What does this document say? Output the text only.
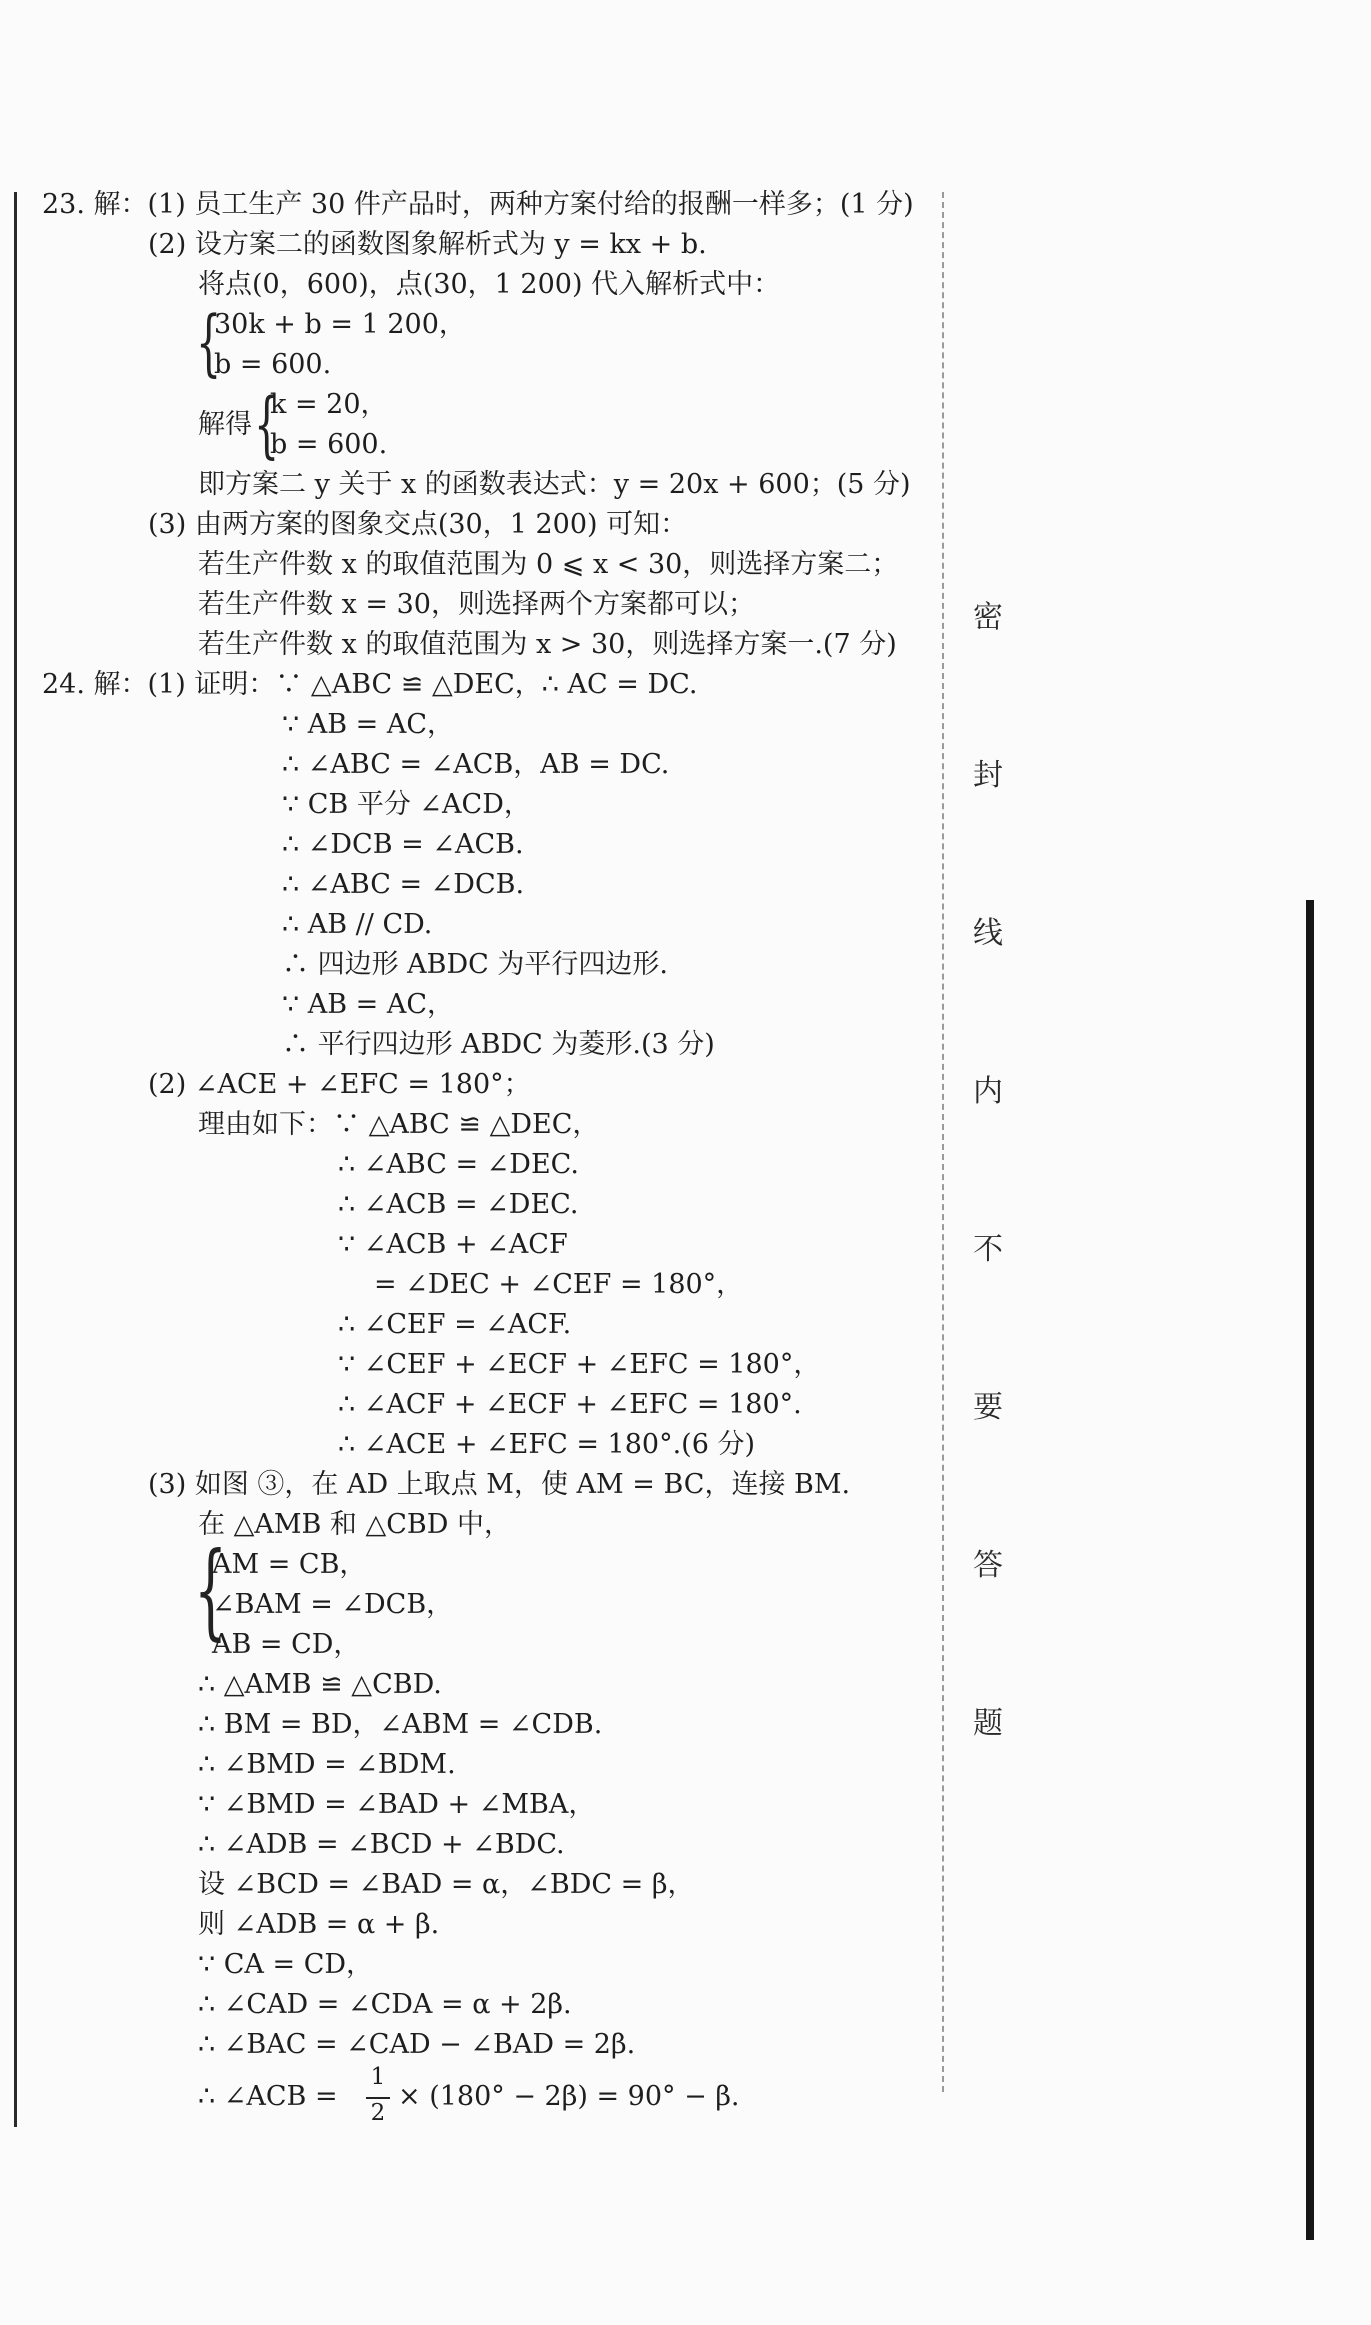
密
封
线
内
不
要
答
题
23. 解：(1) 员工生产 30 件产品时，两种方案付给的报酬一样多；(1 分)
(2) 设方案二的函数图象解析式为 y = kx + b.
将点(0，600)，点(30，1 200) 代入解析式中：
{
30k + b = 1 200，
b = 600.
解得 {
k = 20，
b = 600.
即方案二 y 关于 x 的函数表达式：y = 20x + 600；(5 分)
(3) 由两方案的图象交点(30，1 200) 可知：
若生产件数 x 的取值范围为 0 ⩽ x < 30，则选择方案二；
若生产件数 x = 30，则选择两个方案都可以；
若生产件数 x 的取值范围为 x > 30，则选择方案一.(7 分)
24. 解：(1) 证明：∵ △ABC ≌ △DEC，∴ AC = DC.
∵ AB = AC，
∴ ∠ABC = ∠ACB，AB = DC.
∵ CB 平分 ∠ACD，
∴ ∠DCB = ∠ACB.
∴ ∠ABC = ∠DCB.
∴ AB // CD.
∴ 四边形 ABDC 为平行四边形.
∵ AB = AC，
∴ 平行四边形 ABDC 为菱形.(3 分)
(2) ∠ACE + ∠EFC = 180°；
理由如下：∵ △ABC ≌ △DEC，
∴ ∠ABC = ∠DEC.
∴ ∠ACB = ∠DEC.
∵ ∠ACB + ∠ACF
= ∠DEC + ∠CEF = 180°，
∴ ∠CEF = ∠ACF.
∵ ∠CEF + ∠ECF + ∠EFC = 180°，
∴ ∠ACF + ∠ECF + ∠EFC = 180°.
∴ ∠ACE + ∠EFC = 180°.(6 分)
(3) 如图 ③，在 AD 上取点 M，使 AM = BC，连接 BM.
在 △AMB 和 △CBD 中，
{
AM = CB，
∠BAM = ∠DCB，
AB = CD，
∴ △AMB ≌ △CBD.
∴ BM = BD，∠ABM = ∠CDB.
∴ ∠BMD = ∠BDM.
∵ ∠BMD = ∠BAD + ∠MBA，
∴ ∠ADB = ∠BCD + ∠BDC.
设 ∠BCD = ∠BAD = α，∠BDC = β，
则 ∠ADB = α + β.
∵ CA = CD，
∴ ∠CAD = ∠CDA = α + 2β.
∴ ∠BAC = ∠CAD − ∠BAD = 2β.
∴ ∠ACB =
1
2
× (180° − 2β) = 90° − β.
